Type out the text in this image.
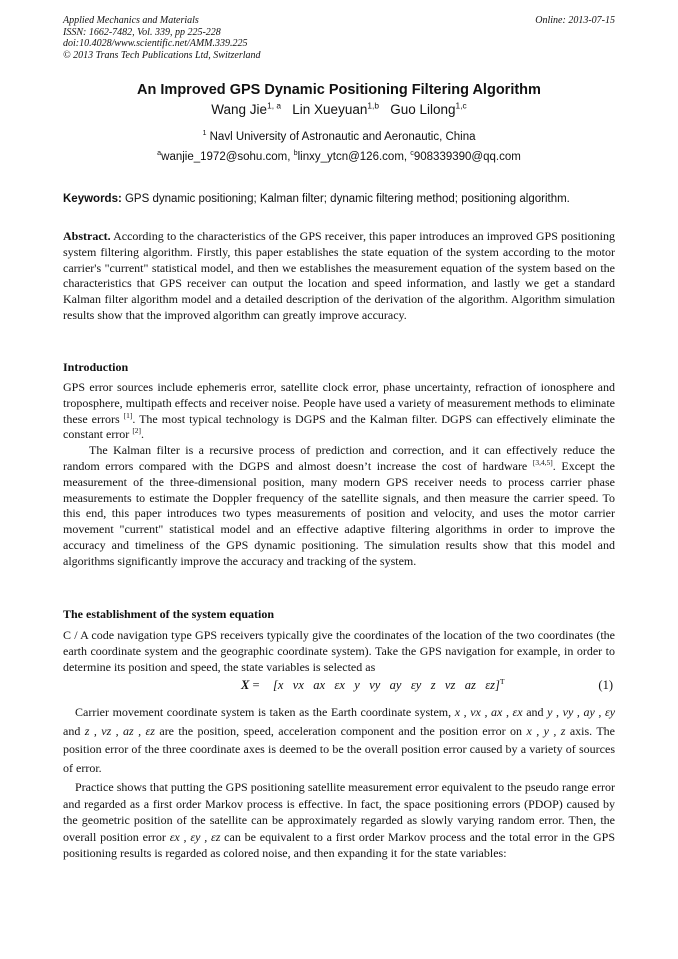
Applied Mechanics and Materials
ISSN: 1662-7482, Vol. 339, pp 225-228
doi:10.4028/www.scientific.net/AMM.339.225
© 2013 Trans Tech Publications Ltd, Switzerland
Online: 2013-07-15
An Improved GPS Dynamic Positioning Filtering Algorithm
Wang Jie$^{1, a}$ Lin Xueyuan$^{1,b}$ Guo Lilong$^{1,c}$
$^1$ Navl University of Astronautic and Aeronautic, China
$^a$wanjie_1972@sohu.com, $^b$linxy_ytcn@126.com, $^c$908339390@qq.com
Keywords: GPS dynamic positioning; Kalman filter; dynamic filtering method; positioning algorithm.

Abstract. According to the characteristics of the GPS receiver, this paper introduces an improved GPS positioning system filtering algorithm. Firstly, this paper establishes the state equation of the system according to the motor carrier's "current" statistical model, and then we establishes the measurement equation of the system based on the characteristics that GPS receiver can output the location and speed information, and lastly we get a standard Kalman filter algorithm model and a detailed description of the derivation of the algorithm. Algorithm simulation results show that the improved algorithm can greatly improve accuracy.

Introduction

GPS error sources include ephemeris error, satellite clock error, phase uncertainty, refraction of ionosphere and troposphere, multipath effects and receiver noise. People have used a variety of measurement methods to eliminate these errors [1]. The most typical technology is DGPS and the Kalman filter. DGPS can effectively eliminate the constant error [2].

The Kalman filter is a recursive process of prediction and correction, and it can effectively reduce the random errors compared with the DGPS and almost doesn’t increase the cost of hardware [3,4,5]. Except the measurement of the three-dimensional position, many modern GPS receiver needs to process carrier phase measurements to estimate the Doppler frequency of the satellite signals, and then measure the carrier speed. To this end, this paper introduces two types measurements of position and velocity, and uses the motor carrier movement "current" statistical model and an effective adaptive filtering algorithms in order to improve the accuracy and timeliness of the GPS dynamic positioning. The simulation results show that this model and algorithms significantly improve the accuracy and tracking of the system.

The establishment of the system equation

C / A code navigation type GPS receivers typically give the coordinates of the location of the two coordinates (the earth coordinate system and the geographic coordinate system). Take the GPS navigation for example, in order to determine its position and speed, the state variables is selected as

X = [x   vx   ax   εx   y   vy   ay   εy   z   vz   az   εz]$^T$	(1)

Carrier movement coordinate system is taken as the Earth coordinate system, x , vx , ax , εx and y , vy , ay , εy and z , vz , az , εz are the position, speed, acceleration component and the position error on x , y , z axis. The position error of the three coordinate axes is deemed to be the overall position error caused by a variety of sources of error.

Practice shows that putting the GPS positioning satellite measurement error equivalent to the pseudo range error and regarded as a first order Markov process is effective. In fact, the space positioning errors (PDOP) caused by the geometric position of the satellite can be approximately regarded as slowly varying random error. Then, the overall position error εx , εy , εz can be equivalent to a first order Markov process and the total error in the GPS positioning results is regarded as colored noise, and then expanding it for the state variables:
